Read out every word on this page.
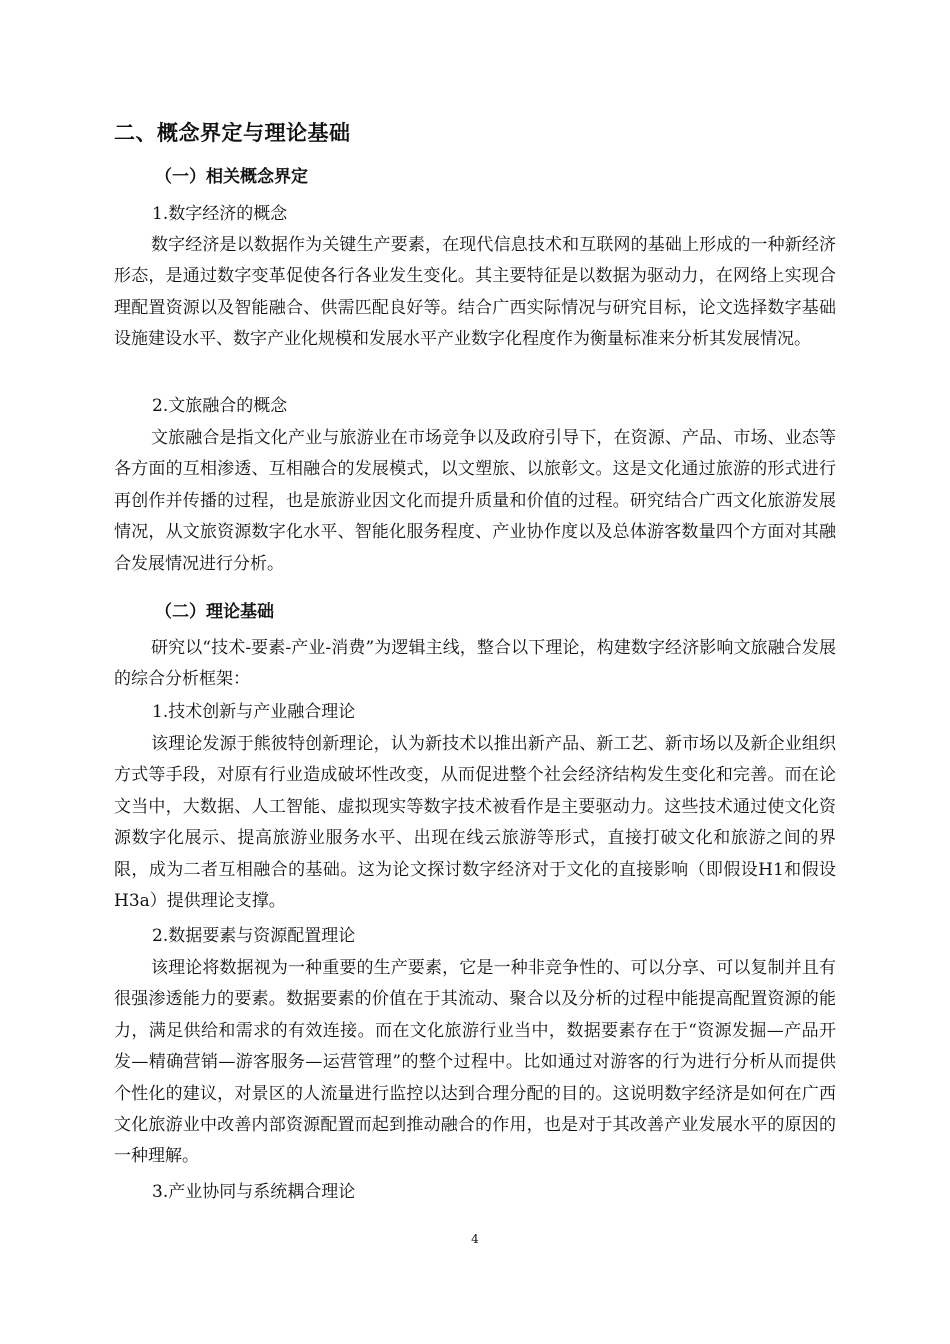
二、概念界定与理论基础
（一）相关概念界定
1.数字经济的概念

数字经济是以数据作为关键生产要素，在现代信息技术和互联网的基础上形成的一种新经济形态，是通过数字变革促使各行各业发生变化。其主要特征是以数据为驱动力，在网络上实现合理配置资源以及智能融合、供需匹配良好等。结合广西实际情况与研究目标，论文选择数字基础设施建设水平、数字产业化规模和发展水平产业数字化程度作为衡量标准来分析其发展情况。

2.文旅融合的概念

文旅融合是指文化产业与旅游业在市场竞争以及政府引导下，在资源、产品、市场、业态等各方面的互相渗透、互相融合的发展模式，以文塑旅、以旅彰文。这是文化通过旅游的形式进行再创作并传播的过程，也是旅游业因文化而提升质量和价值的过程。研究结合广西文化旅游发展情况，从文旅资源数字化水平、智能化服务程度、产业协作度以及总体游客数量四个方面对其融合发展情况进行分析。

（二）理论基础

研究以“技术-要素-产业-消费”为逻辑主线，整合以下理论，构建数字经济影响文旅融合发展的综合分析框架：

1.技术创新与产业融合理论

该理论发源于熊彼特创新理论，认为新技术以推出新产品、新工艺、新市场以及新企业组织方式等手段，对原有行业造成破坏性改变，从而促进整个社会经济结构发生变化和完善。而在论文当中，大数据、人工智能、虚拟现实等数字技术被看作是主要驱动力。这些技术通过使文化资源数字化展示、提高旅游业服务水平、出现在线云旅游等形式，直接打破文化和旅游之间的界限，成为二者互相融合的基础。这为论文探讨数字经济对于文化的直接影响（即假设H1和假设H3a）提供理论支撑。

2.数据要素与资源配置理论

该理论将数据视为一种重要的生产要素，它是一种非竞争性的、可以分享、可以复制并且有很强渗透能力的要素。数据要素的价值在于其流动、聚合以及分析的过程中能提高配置资源的能力，满足供给和需求的有效连接。而在文化旅游行业当中，数据要素存在于“资源发掘—产品开发—精确营销—游客服务—运营管理”的整个过程中。比如通过对游客的行为进行分析从而提供个性化的建议，对景区的人流量进行监控以达到合理分配的目的。这说明数字经济是如何在广西文化旅游业中改善内部资源配置而起到推动融合的作用，也是对于其改善产业发展水平的原因的一种理解。

3.产业协同与系统耦合理论
4
